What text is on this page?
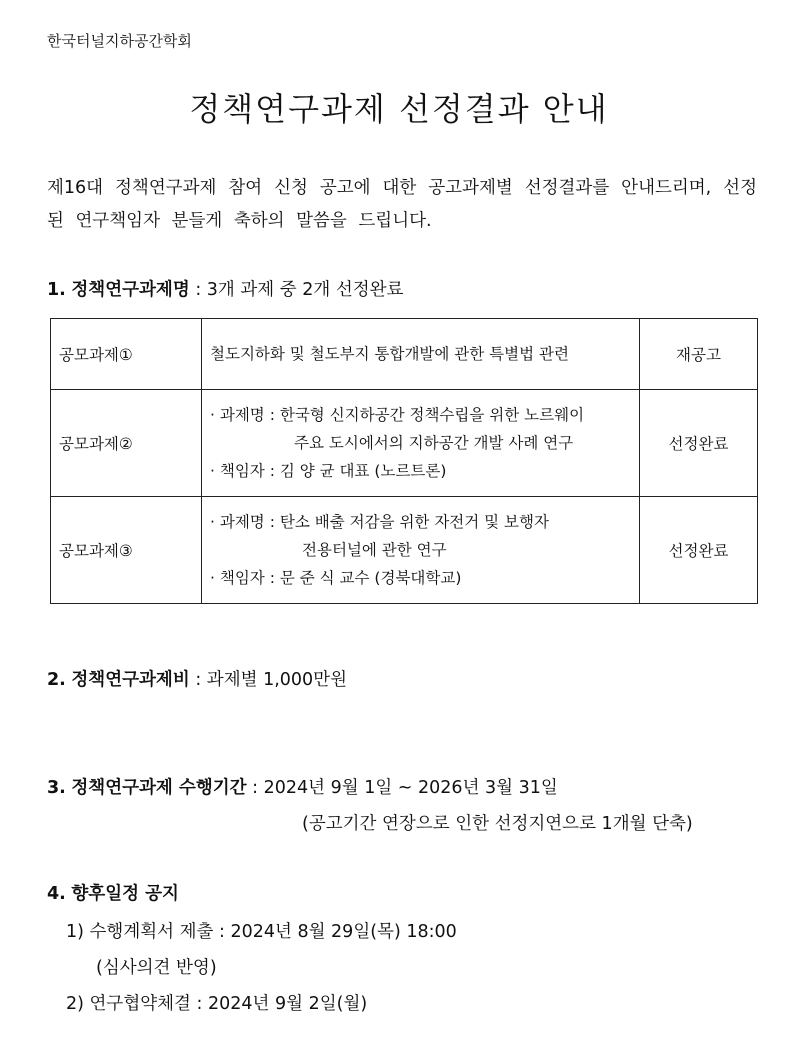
한국터널지하공간학회
정책연구과제 선정결과 안내
제16대 정책연구과제 참여 신청 공고에 대한 공고과제별 선정결과를 안내드리며, 선정된 연구책임자 분들게 축하의 말씀을 드립니다.
1. 정책연구과제명 : 3개 과제 중 2개 선정완료
공모과제①	철도지하화 및 철도부지 통합개발에 관한 특별법 관련	재공고
공모과제②	· 과제명 : 한국형 신지하공간 정책수립을 위한 노르웨이
주요 도시에서의 지하공간 개발 사례 연구
· 책임자 : 김 양 균 대표 (노르트론)	선정완료
공모과제③	· 과제명 : 탄소 배출 저감을 위한 자전거 및 보행자
전용터널에 관한 연구
· 책임자 : 문 준 식 교수 (경북대학교)	선정완료
2. 정책연구과제비 : 과제별 1,000만원
3. 정책연구과제 수행기간 : 2024년 9월 1일 ~ 2026년 3월 31일
(공고기간 연장으로 인한 선정지연으로 1개월 단축)
4. 향후일정 공지
1) 수행계획서 제출 : 2024년 8월 29일(목) 18:00
(심사의견 반영)
2) 연구협약체결 : 2024년 9월 2일(월)
